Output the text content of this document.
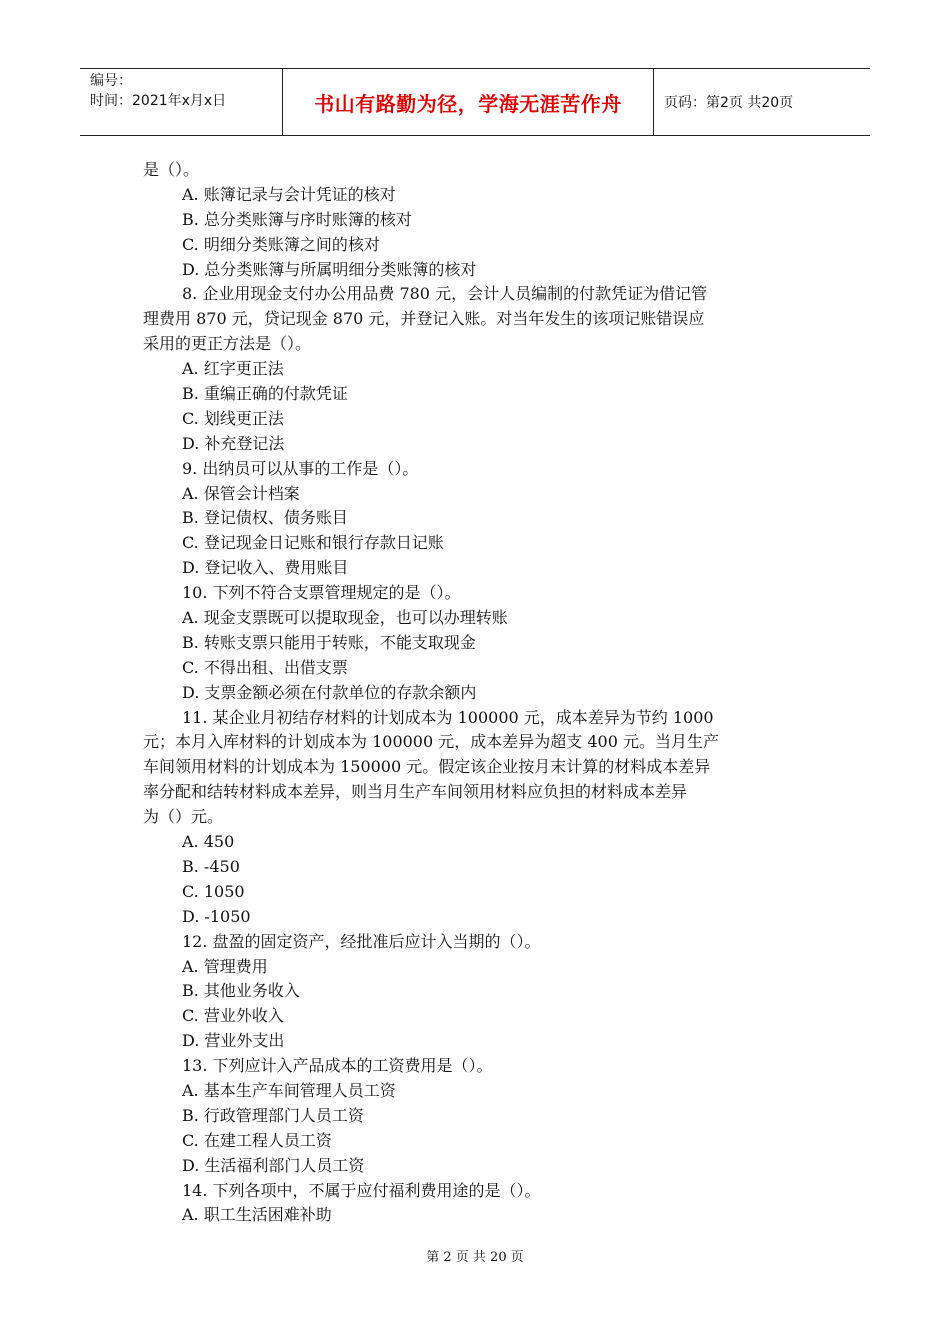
编号：
时间：2021年x月x日	书山有路勤为径，学海无涯苦作舟	页码：第2页 共20页
是（）。
A. 账簿记录与会计凭证的核对
B. 总分类账簿与序时账簿的核对
C. 明细分类账簿之间的核对
D. 总分类账簿与所属明细分类账簿的核对
8. 企业用现金支付办公用品费 780 元，会计人员编制的付款凭证为借记管
理费用 870 元，贷记现金 870 元，并登记入账。对当年发生的该项记账错误应
采用的更正方法是（）。
A. 红字更正法
B. 重编正确的付款凭证
C. 划线更正法
D. 补充登记法
9. 出纳员可以从事的工作是（）。
A. 保管会计档案
B. 登记债权、债务账目
C. 登记现金日记账和银行存款日记账
D. 登记收入、费用账目
10. 下列不符合支票管理规定的是（）。
A. 现金支票既可以提取现金，也可以办理转账
B. 转账支票只能用于转账，不能支取现金
C. 不得出租、出借支票
D. 支票金额必须在付款单位的存款余额内
11. 某企业月初结存材料的计划成本为 100000 元，成本差异为节约 1000
元；本月入库材料的计划成本为 100000 元，成本差异为超支 400 元。当月生产
车间领用材料的计划成本为 150000 元。假定该企业按月末计算的材料成本差异
率分配和结转材料成本差异，则当月生产车间领用材料应负担的材料成本差异
为（）元。
A. 450
B. -450
C. 1050
D. -1050
12. 盘盈的固定资产，经批准后应计入当期的（）。
A. 管理费用
B. 其他业务收入
C. 营业外收入
D. 营业外支出
13. 下列应计入产品成本的工资费用是（）。
A. 基本生产车间管理人员工资
B. 行政管理部门人员工资
C. 在建工程人员工资
D. 生活福利部门人员工资
14. 下列各项中，不属于应付福利费用途的是（）。
A. 职工生活困难补助
第 2 页 共 20 页
